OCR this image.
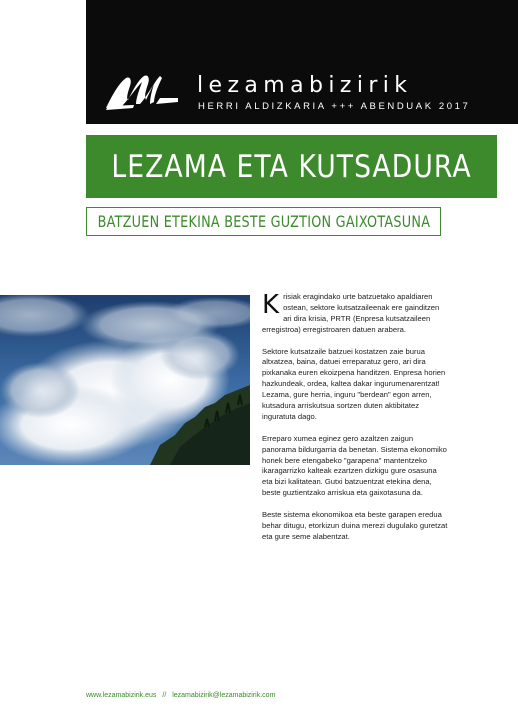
lezamabizirik
HERRI ALDIZKARIA +++ ABENDUAK 2017
LEZAMA ETA KUTSADURA
BATZUEN ETEKINA BESTE GUZTION GAIXOTASUNA

Krisiak eragindako urte batzuetako apaldiaren ostean, sektore kutsatzaileenak ere gainditzen ari dira krisia, PRTR (Enpresa kutsatzaileen erregistroa) erregistroaren datuen arabera.

Sektore kutsatzaile batzuei kostatzen zaie burua altxatzea, baina, datuei erreparatuz gero, ari dira pixkanaka euren ekoizpena handitzen. Enpresa horien hazkundeak, ordea, kaltea dakar ingurumenarentzat! Lezama, gure herria, inguru "berdean" egon arren, kutsadura arriskutsua sortzen duten aktibitatez inguratuta dago.

Erreparo xumea eginez gero azaltzen zaigun panorama bildurgarria da benetan. Sistema ekonomiko honek bere etengabeko "garapena" mantentzeko ikaragarrizko kalteak ezartzen dizkigu gure osasuna eta bizi kalitatean. Gutxi batzuentzat etekina dena, beste guztientzako arriskua eta gaixotasuna da.

Beste sistema ekonomikoa eta beste garapen eredua behar ditugu, etorkizun duina merezi dugulako guretzat eta gure seme alabentzat.

www.lezamabizirik.eus // lezamabizirik@lezamabizirik.com
